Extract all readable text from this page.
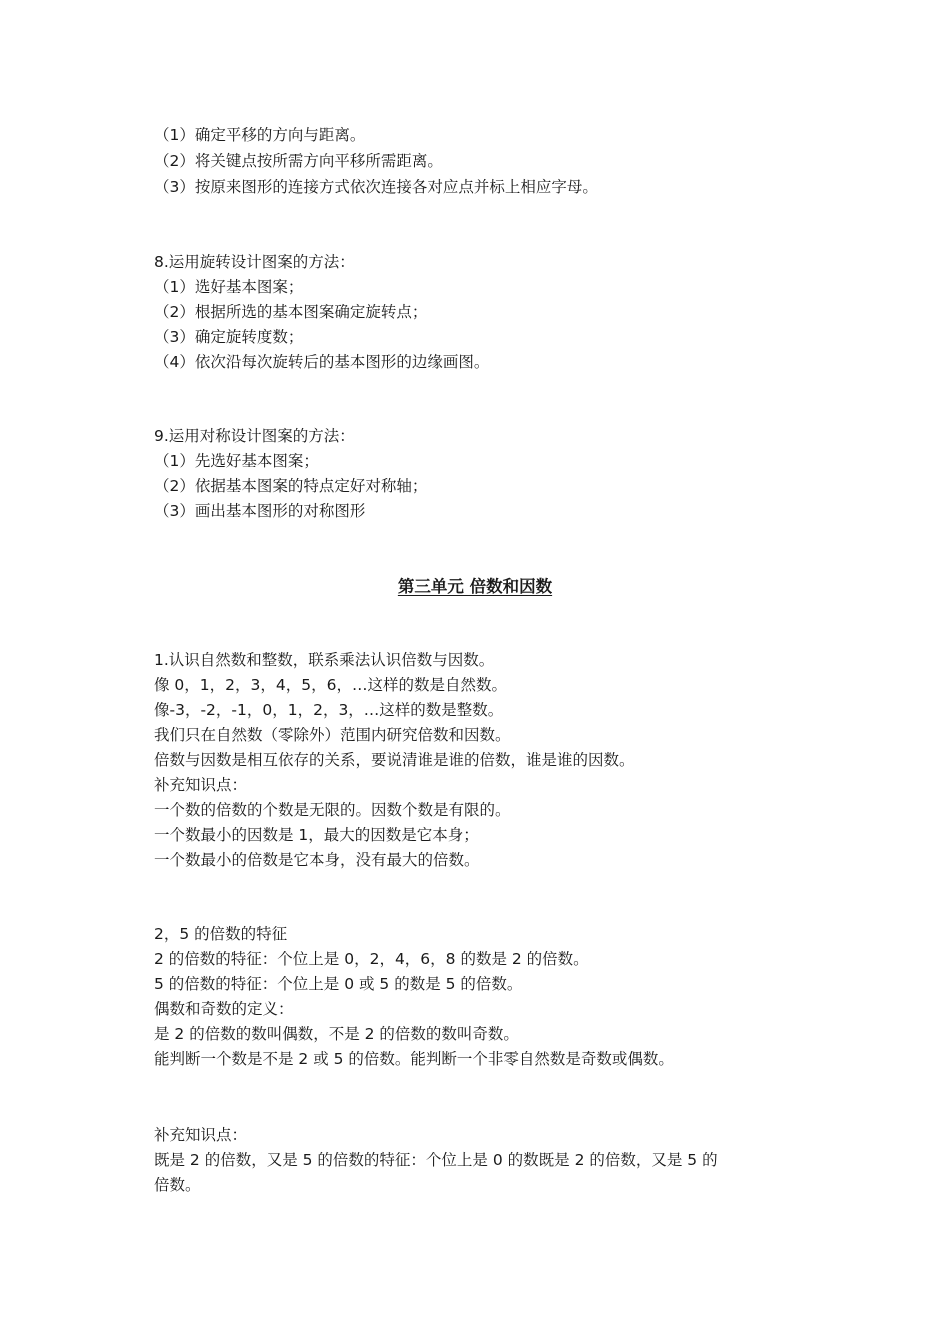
（1）确定平移的方向与距离。
（2）将关键点按所需方向平移所需距离。
（3）按原来图形的连接方式依次连接各对应点并标上相应字母。
8.运用旋转设计图案的方法：
（1）选好基本图案；
（2）根据所选的基本图案确定旋转点；
（3）确定旋转度数；
（4）依次沿每次旋转后的基本图形的边缘画图。
9.运用对称设计图案的方法：
（1）先选好基本图案；
（2）依据基本图案的特点定好对称轴；
（3）画出基本图形的对称图形
第三单元 倍数和因数
1.认识自然数和整数，联系乘法认识倍数与因数。
像 0，1，2，3，4，5，6，…这样的数是自然数。
像-3，-2，-1，0，1，2，3，…这样的数是整数。
我们只在自然数（零除外）范围内研究倍数和因数。
倍数与因数是相互依存的关系，要说清谁是谁的倍数，谁是谁的因数。
补充知识点：
一个数的倍数的个数是无限的。因数个数是有限的。
一个数最小的因数是 1，最大的因数是它本身；
一个数最小的倍数是它本身，没有最大的倍数。
2，5 的倍数的特征
2 的倍数的特征：个位上是 0，2，4，6，8 的数是 2 的倍数。
5 的倍数的特征：个位上是 0 或 5 的数是 5 的倍数。
偶数和奇数的定义：
是 2 的倍数的数叫偶数，不是 2 的倍数的数叫奇数。
能判断一个数是不是 2 或 5 的倍数。能判断一个非零自然数是奇数或偶数。
补充知识点：
既是 2 的倍数，又是 5 的倍数的特征：个位上是 0 的数既是 2 的倍数，又是 5 的
倍数。
